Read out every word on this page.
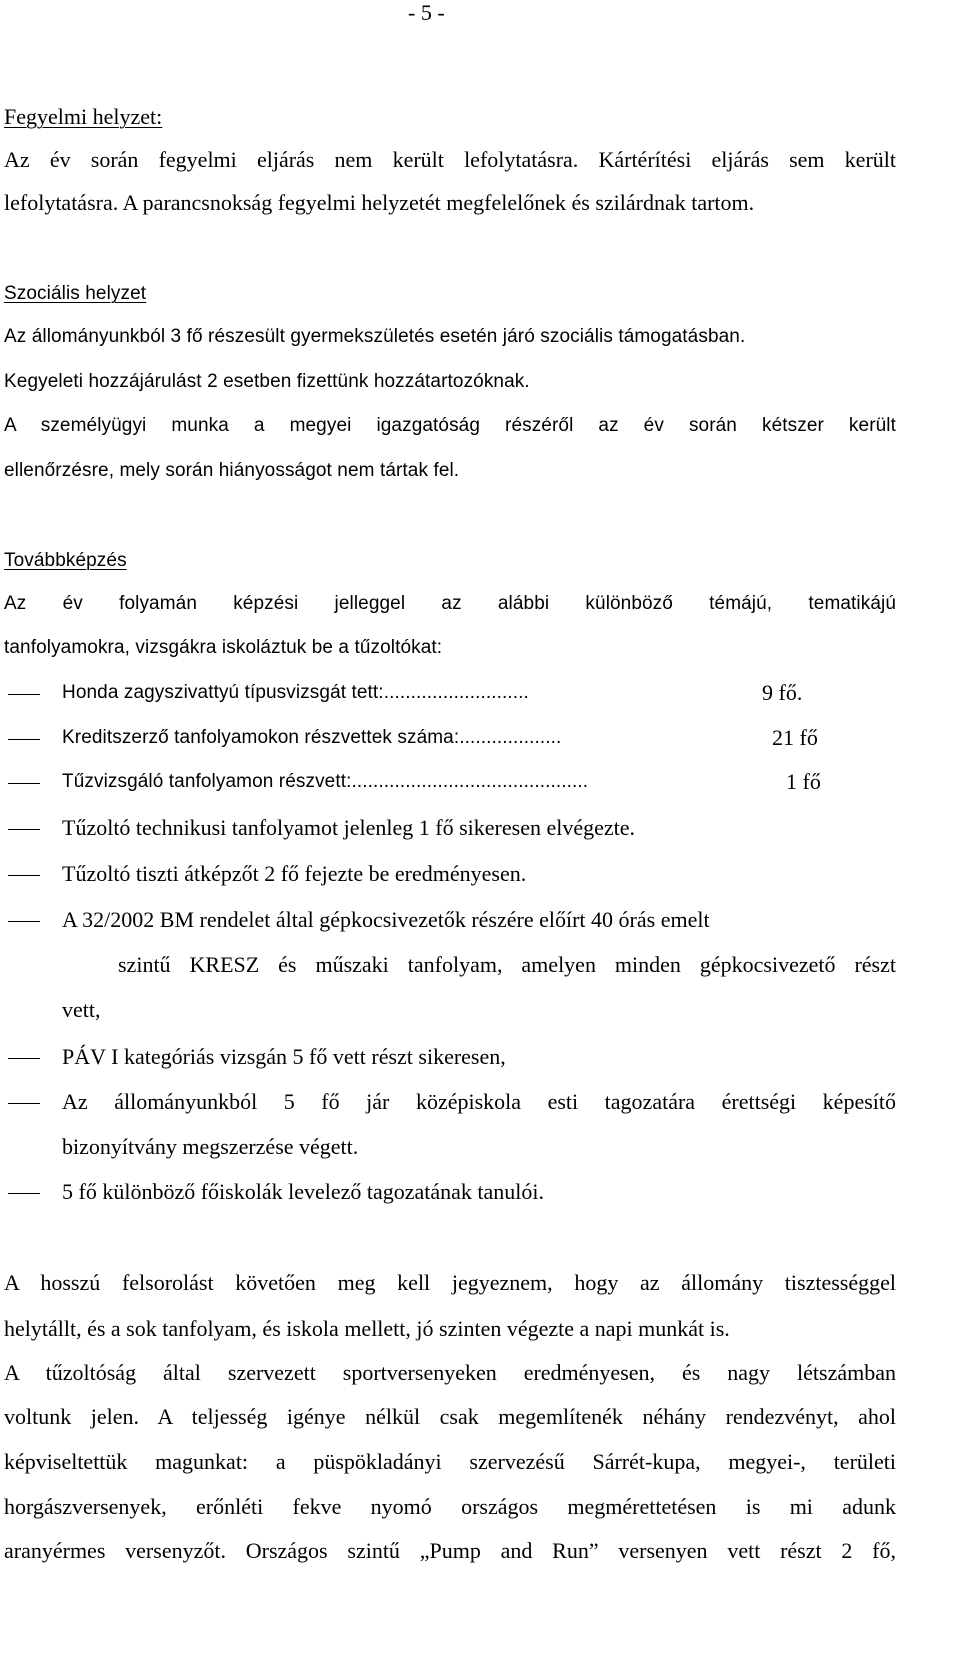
- 5 -
Fegyelmi helyzet:
Az év során fegyelmi eljárás nem került lefolytatásra. Kártérítési eljárás sem került
lefolytatásra. A parancsnokság fegyelmi helyzetét megfelelőnek és szilárdnak tartom.
Szociális helyzet
Az állományunkból 3 fő részesült gyermekszületés esetén járó szociális támogatásban.
Kegyeleti hozzájárulást 2 esetben fizettünk hozzátartozóknak.
A személyügyi munka a megyei igazgatóság részéről az év során kétszer került
ellenőrzésre, mely során hiányosságot nem tártak fel.
Továbbképzés
Az év folyamán képzési jelleggel az alábbi különböző témájú, tematikájú
tanfolyamokra, vizsgákra iskoláztuk be a tűzoltókat:
Honda zagyszivattyú típusvizsgát tett:...........................	9 fő.
Kreditszerző tanfolyamokon részvettek száma:...................	21 fő
Tűzvizsgáló tanfolyamon részvett:............................................	1 fő
Tűzoltó technikusi tanfolyamot jelenleg 1 fő sikeresen elvégezte.
Tűzoltó tiszti átképzőt 2 fő fejezte be eredményesen.
A 32/2002 BM rendelet által gépkocsivezetők részére előírt 40 órás emelt
szintű KRESZ és műszaki tanfolyam, amelyen minden gépkocsivezető részt
vett,
PÁV I kategóriás vizsgán 5 fő vett részt sikeresen,
Az állományunkból 5 fő jár középiskola esti tagozatára érettségi képesítő
bizonyítvány megszerzése végett.
5 fő különböző főiskolák levelező tagozatának tanulói.
A hosszú felsorolást követően meg kell jegyeznem, hogy az állomány tisztességgel
helytállt, és a sok tanfolyam, és iskola mellett, jó szinten végezte a napi munkát is.
A tűzoltóság által szervezett sportversenyeken eredményesen, és nagy létszámban
voltunk jelen. A teljesség igénye nélkül csak megemlítenék néhány rendezvényt, ahol
képviseltettük magunkat: a püspökladányi szervezésű Sárrét-kupa, megyei-, területi
horgászversenyek, erőnléti fekve nyomó országos megmérettetésen is mi adunk
aranyérmes versenyzőt. Országos szintű „Pump and Run” versenyen vett részt 2 fő,
